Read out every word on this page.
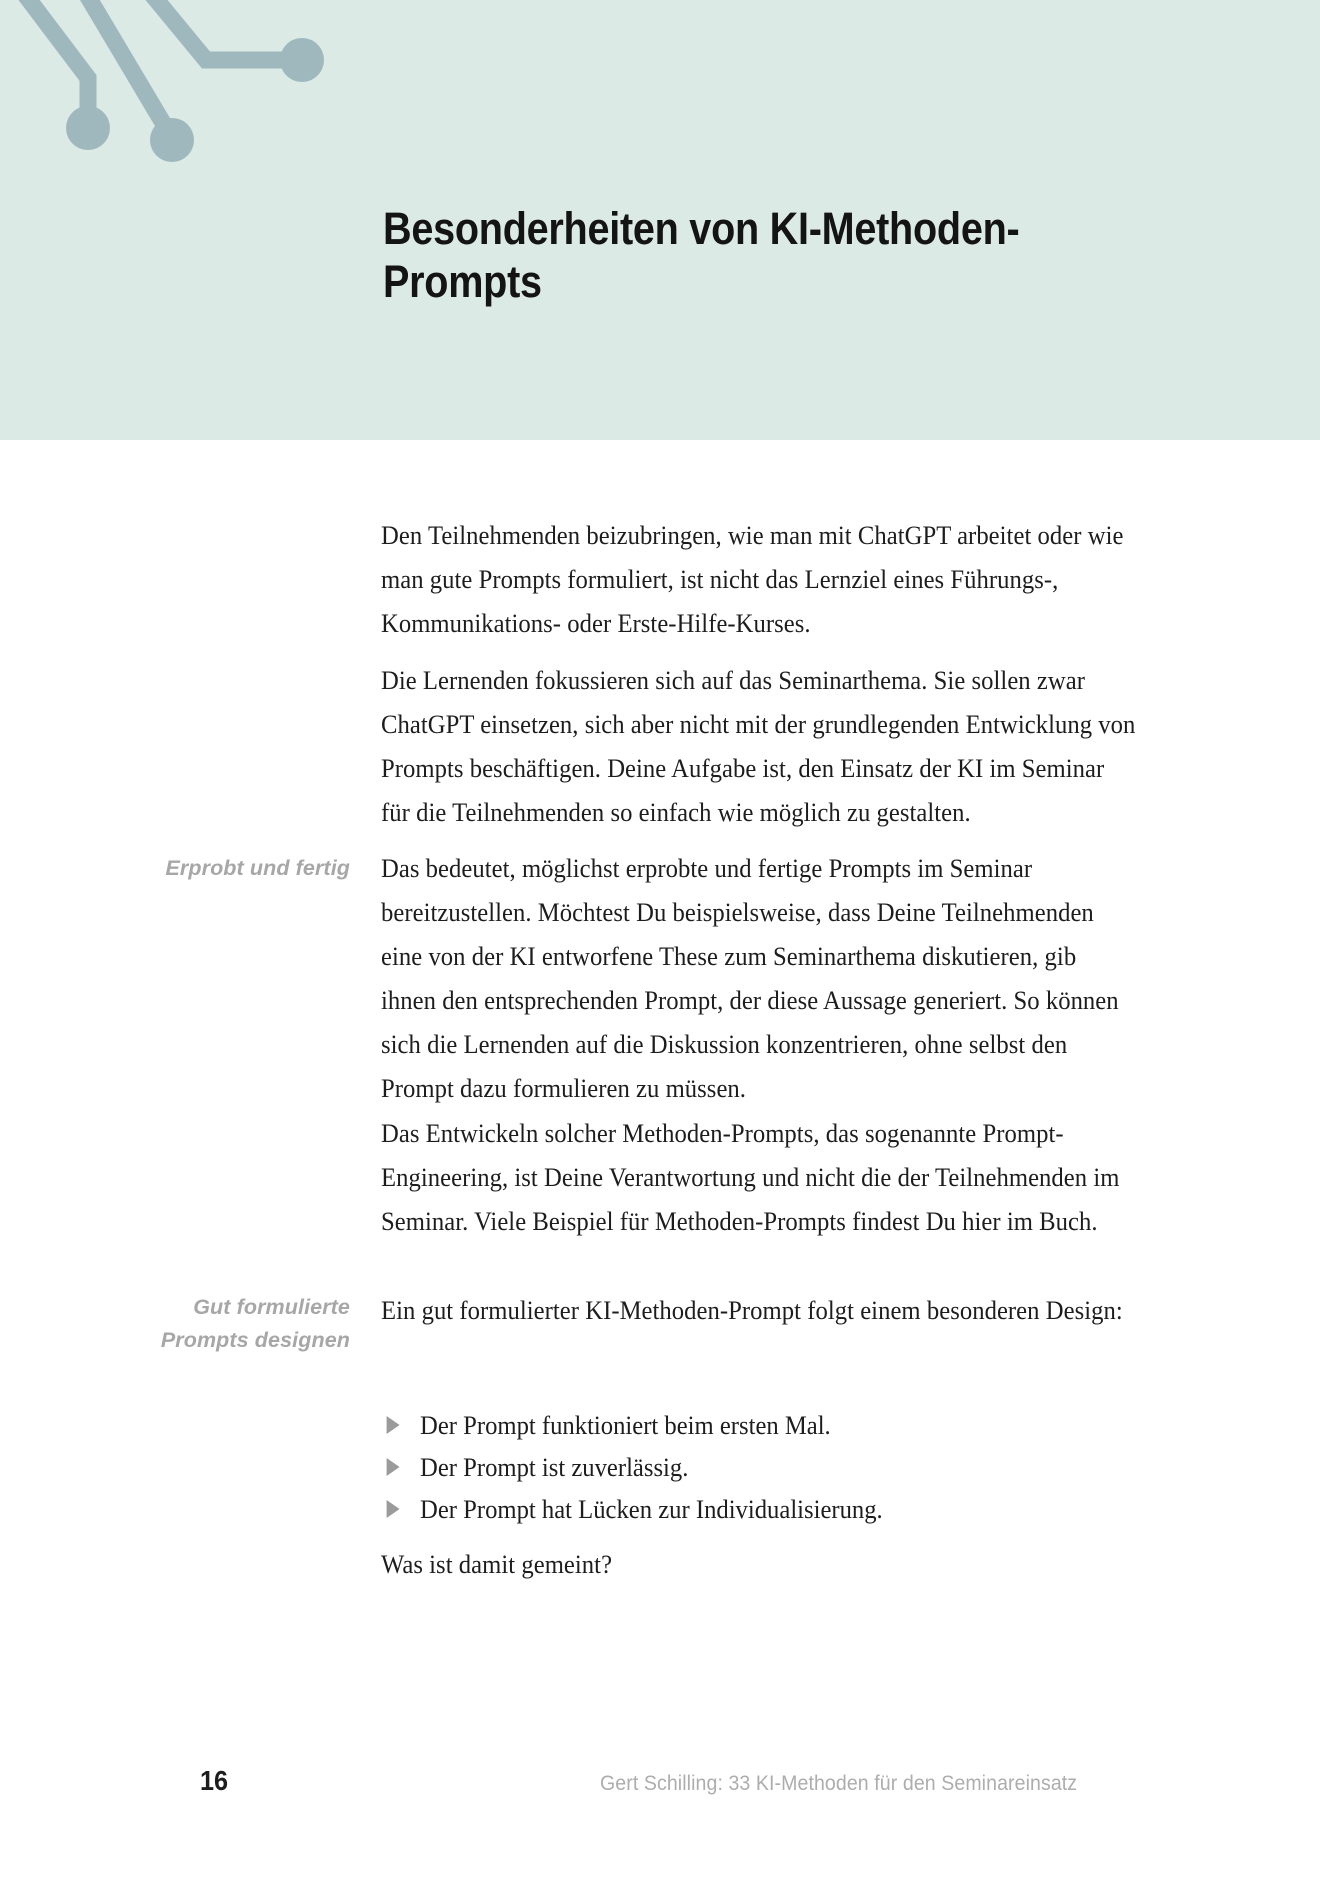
Besonderheiten von KI-Methoden-Prompts
Erprobt und fertig
Gut formulierte
Prompts designen

Den Teilnehmenden beizubringen, wie man mit ChatGPT arbeitet oder wie man gute Prompts formuliert, ist nicht das Lernziel eines Führungs-, Kommunikations- oder Erste-Hilfe-Kurses.

Die Lernenden fokussieren sich auf das Seminarthema. Sie sollen zwar ChatGPT einsetzen, sich aber nicht mit der grundlegenden Entwicklung von Prompts beschäftigen. Deine Aufgabe ist, den Einsatz der KI im Seminar für die Teilnehmenden so einfach wie möglich zu gestalten.

Das bedeutet, möglichst erprobte und fertige Prompts im Seminar bereitzustellen. Möchtest Du beispielsweise, dass Deine Teilnehmenden eine von der KI entworfene These zum Seminarthema diskutieren, gib ihnen den entsprechenden Prompt, der diese Aussage generiert. So können sich die Lernenden auf die Diskussion konzentrieren, ohne selbst den Prompt dazu formulieren zu müssen.

Das Entwickeln solcher Methoden-Prompts, das sogenannte Prompt-Engineering, ist Deine Verantwortung und nicht die der Teilnehmenden im Seminar. Viele Beispiel für Methoden-Prompts findest Du hier im Buch.

Ein gut formulierter KI-Methoden-Prompt folgt einem besonderen Design:

Der Prompt funktioniert beim ersten Mal.
Der Prompt ist zuverlässig.
Der Prompt hat Lücken zur Individualisierung.

Was ist damit gemeint?

16	Gert Schilling: 33 KI-Methoden für den Seminareinsatz
